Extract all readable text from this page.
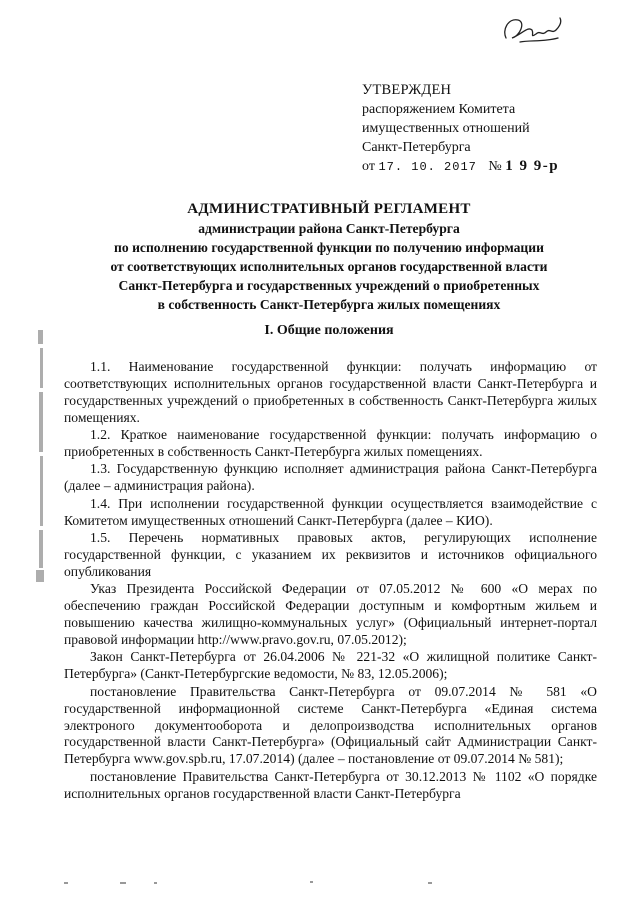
УТВЕРЖДЕН
распоряжением Комитета
имущественных отношений
Санкт-Петербурга
от 17. 10. 2017 № 1 9 9-р
АДМИНИСТРАТИВНЫЙ РЕГЛАМЕНТ
администрации района Санкт-Петербурга
по исполнению государственной функции по получению информации
от соответствующих исполнительных органов государственной власти
Санкт-Петербурга и государственных учреждений о приобретенных
в собственность Санкт-Петербурга жилых помещениях
I. Общие положения

1.1. Наименование государственной функции: получать информацию от соответствующих исполнительных органов государственной власти Санкт-Петербурга и государственных учреждений о приобретенных в собственность Санкт-Петербурга жилых помещениях.

1.2. Краткое наименование государственной функции: получать информацию о приобретенных в собственность Санкт-Петербурга жилых помещениях.

1.3. Государственную функцию исполняет администрация района Санкт-Петербурга (далее – администрация района).

1.4. При исполнении государственной функции осуществляется взаимодействие с Комитетом имущественных отношений Санкт-Петербурга (далее – КИО).

1.5. Перечень нормативных правовых актов, регулирующих исполнение государственной функции, с указанием их реквизитов и источников официального опубликования

Указ Президента Российской Федерации от 07.05.2012 № 600 «О мерах по обеспечению граждан Российской Федерации доступным и комфортным жильем и повышению качества жилищно-коммунальных услуг» (Официальный интернет-портал правовой информации http://www.pravo.gov.ru, 07.05.2012);

Закон Санкт-Петербурга от 26.04.2006 № 221-32 «О жилищной политике Санкт-Петербурга» (Санкт-Петербургские ведомости, № 83, 12.05.2006);

постановление Правительства Санкт-Петербурга от 09.07.2014 № 581 «О государственной информационной системе Санкт-Петербурга «Единая система электроного документооборота и делопроизводства исполнительных органов государственной власти Санкт-Петербурга» (Официальный сайт Администрации Санкт-Петербурга www.gov.spb.ru, 17.07.2014) (далее – постановление от 09.07.2014 № 581);

постановление Правительства Санкт-Петербурга от 30.12.2013 № 1102 «О порядке исполнительных органов государственной власти Санкт-Петербурга
